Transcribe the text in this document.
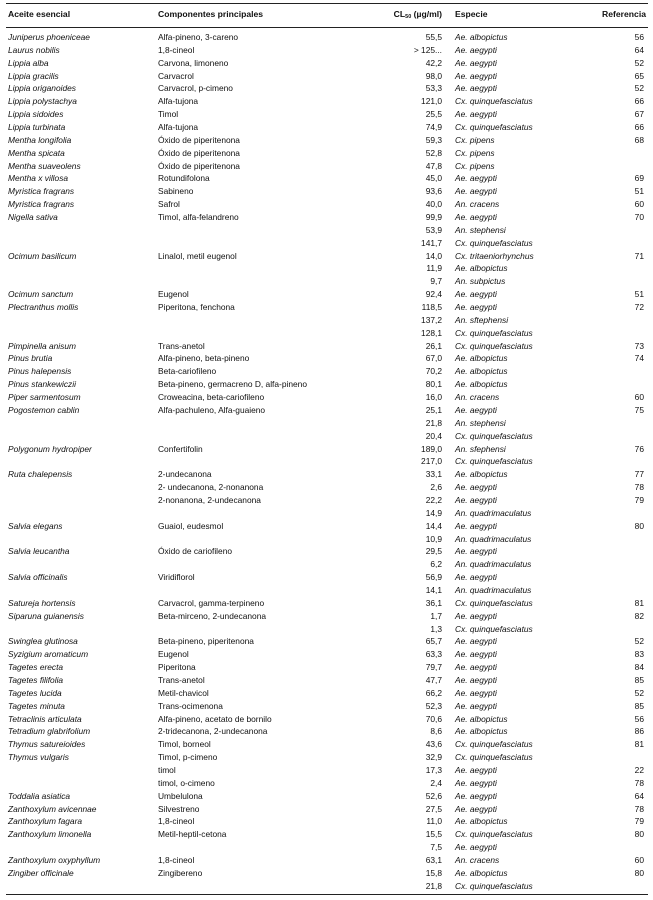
Aceite esencial	Componentes principales	$CL_{50}$ (µg/ml) Especie	Referencia
Juniperus phoeniceae	Alfa-pineno, 3-careno	55,5 Ae. albopictus	56
Laurus nobilis	1,8-cineol	> 125... Ae. aegypti	64
Lippia alba	Carvona, limoneno	42,2 Ae. aegypti	52
Lippia gracilis	Carvacrol	98,0 Ae. aegypti	65
Lippia origanoides	Carvacrol, p-cimeno	53,3 Ae. aegypti	52
Lippia polystachya	Alfa-tujona	121,0 Cx. quinquefasciatus	66
Lippia sidoides	Timol	25,5 Ae. aegypti	67
Lippia turbinata	Alfa-tujona	74,9 Cx. quinquefasciatus	66
Mentha longifolia	Óxido de piperitenona	59,3 Cx. pipens	68
Mentha spicata	Óxido de piperitenona	52,8 Cx. pipens
Mentha suaveolens	Óxido de piperitenona	47,8 Cx. pipens
Mentha x villosa	Rotundifolona	45,0 Ae. aegypti	69
Myristica fragrans	Sabineno	93,6 Ae. aegypti	51
Myristica fragrans	Safrol	40,0 An. cracens	60
Nigella sativa	Timol, alfa-felandreno	99,9 Ae. aegypti	70
53,9 An. stephensi
141,7 Cx. quinquefasciatus
Ocimum basilicum	Linalol, metil eugenol	14,0 Cx. tritaeniorhynchus	71
11,9 Ae. albopictus
9,7 An. subpictus
Ocimum sanctum	Eugenol	92,4 Ae. aegypti	51
Plectranthus mollis	Piperitona, fenchona	118,5 Ae. aegypti	72
137,2 An. sftephensi
128,1 Cx. quinquefasciatus
Pimpinella anisum	Trans-anetol	26,1 Cx. quinquefasciatus	73
Pinus brutia	Alfa-pineno, beta-pineno	67,0 Ae. albopictus	74
Pinus halepensis	Beta-cariofileno	70,2 Ae. albopictus
Pinus stankewiczii	Beta-pineno, germacreno D, alfa-pineno	80,1 Ae. albopictus
Piper sarmentosum	Croweacina, beta-cariofileno	16,0 An. cracens	60
Pogostemon cablin	Alfa-pachuleno, Alfa-guaieno	25,1 Ae. aegypti	75
21,8 An. stephensi
20,4 Cx. quinquefasciatus
Polygonum hydropiper	Confertifolin	189,0 An. sfephensi	76
217,0 Cx. quinquefasciatus
Ruta chalepensis	2-undecanona	33,1 Ae. albopictus	77
2- undecanona, 2-nonanona	2,6 Ae. aegypti	78
2-nonanona, 2-undecanona	22,2 Ae. aegypti	79
14,9 An. quadrimaculatus
Salvia elegans	Guaiol, eudesmol	14,4 Ae. aegypti	80
10,9 An. quadrimaculatus
Salvia leucantha	Óxido de cariofileno	29,5 Ae. aegypti
6,2 An. quadrimaculatus
Salvia officinalis	Viridiflorol	56,9 Ae. aegypti
14,1 An. quadrimaculatus
Satureja hortensis	Carvacrol, gamma-terpineno	36,1 Cx. quinquefasciatus	81
Siparuna guianensis	Beta-mirceno, 2-undecanona	1,7 Ae. aegypti	82
1,3 Cx. quinquefasciatus
Swinglea glutinosa	Beta-pineno, piperitenona	65,7 Ae. aegypti	52
Syzigium aromaticum	Eugenol	63,3 Ae. aegypti	83
Tagetes erecta	Piperitona	79,7 Ae. aegypti	84
Tagetes filifolia	Trans-anetol	47,7 Ae. aegypti	85
Tagetes lucida	Metil-chavicol	66,2 Ae. aegypti	52
Tagetes minuta	Trans-ocimenona	52,3 Ae. aegypti	85
Tetraclinis articulata	Alfa-pineno, acetato de bornilo	70,6 Ae. albopictus	56
Tetradium glabrifolium	2-tridecanona, 2-undecanona	8,6 Ae. albopictus	86
Thymus satureioides	Timol, borneol	43,6 Cx. quinquefasciatus	81
Thymus vulgaris	Timol, p-cimeno	32,9 Cx. quinquefasciatus
timol	17,3 Ae. aegypti	22
timol, o-cimeno	2,4 Ae. aegypti	78
Toddalia asiatica	Umbelulona	52,6 Ae. aegypti	64
Zanthoxylum avicennae	Silvestreno	27,5 Ae. aegypti	78
Zanthoxylum fagara	1,8-cineol	11,0 Ae. albopictus	79
Zanthoxylum limonella	Metil-heptil-cetona	15,5 Cx. quinquefasciatus	80
7,5 Ae. aegypti
Zanthoxylum oxyphyllum	1,8-cineol	63,1 An. cracens	60
Zingiber officinale	Zingibereno	15,8 Ae. albopictus	80
21,8 Cx. quinquefasciatus
